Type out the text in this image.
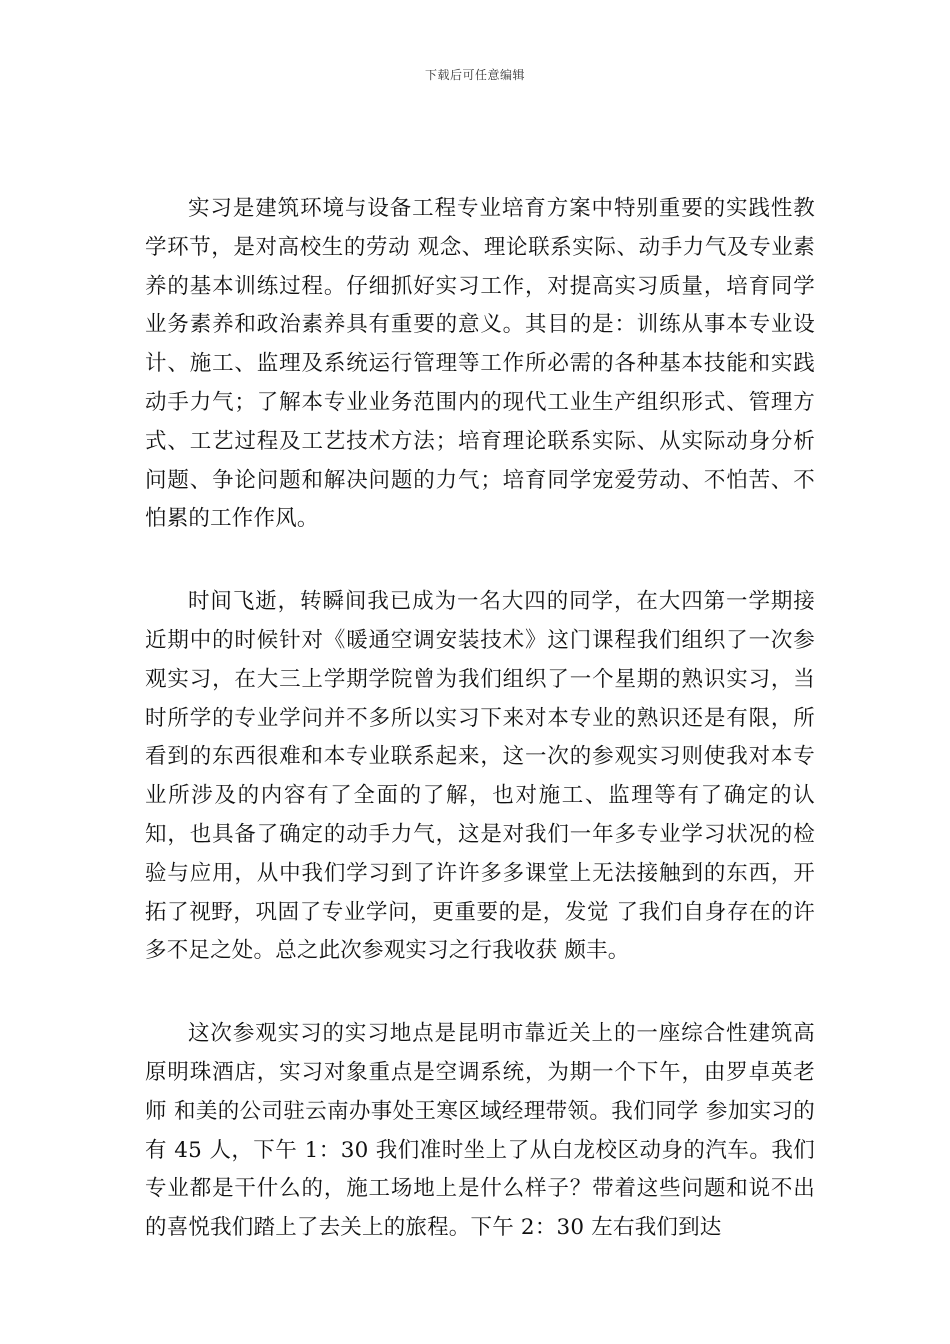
下载后可任意编辑

实习是建筑环境与设备工程专业培育方案中特别重要的实践性教学环节，是对高校生的劳动 观念、理论联系实际、动手力气及专业素养的基本训练过程。仔细抓好实习工作，对提高实习质量，培育同学业务素养和政治素养具有重要的意义。其目的是：训练从事本专业设计、施工、监理及系统运行管理等工作所必需的各种基本技能和实践动手力气；了解本专业业务范围内的现代工业生产组织形式、管理方式、工艺过程及工艺技术方法；培育理论联系实际、从实际动身分析问题、争论问题和解决问题的力气；培育同学宠爱劳动、不怕苦、不怕累的工作作风。

时间飞逝，转瞬间我已成为一名大四的同学，在大四第一学期接近期中的时候针对《暖通空调安装技术》这门课程我们组织了一次参观实习，在大三上学期学院曾为我们组织了一个星期的熟识实习，当时所学的专业学问并不多所以实习下来对本专业的熟识还是有限，所看到的东西很难和本专业联系起来，这一次的参观实习则使我对本专业所涉及的内容有了全面的了解，也对施工、监理等有了确定的认知，也具备了确定的动手力气，这是对我们一年多专业学习状况的检验与应用，从中我们学习到了许许多多课堂上无法接触到的东西，开拓了视野，巩固了专业学问，更重要的是，发觉 了我们自身存在的许多不足之处。总之此次参观实习之行我收获 颇丰。

这次参观实习的实习地点是昆明市靠近关上的一座综合性建筑高原明珠酒店，实习对象重点是空调系统，为期一个下午，由罗卓英老师 和美的公司驻云南办事处王寒区域经理带领。我们同学 参加实习的有 45 人，下午 1：30 我们准时坐上了从白龙校区动身的汽车。我们专业都是干什么的，施工场地上是什么样子？带着这些问题和说不出的喜悦我们踏上了去关上的旅程。下午 2：30 左右我们到达
